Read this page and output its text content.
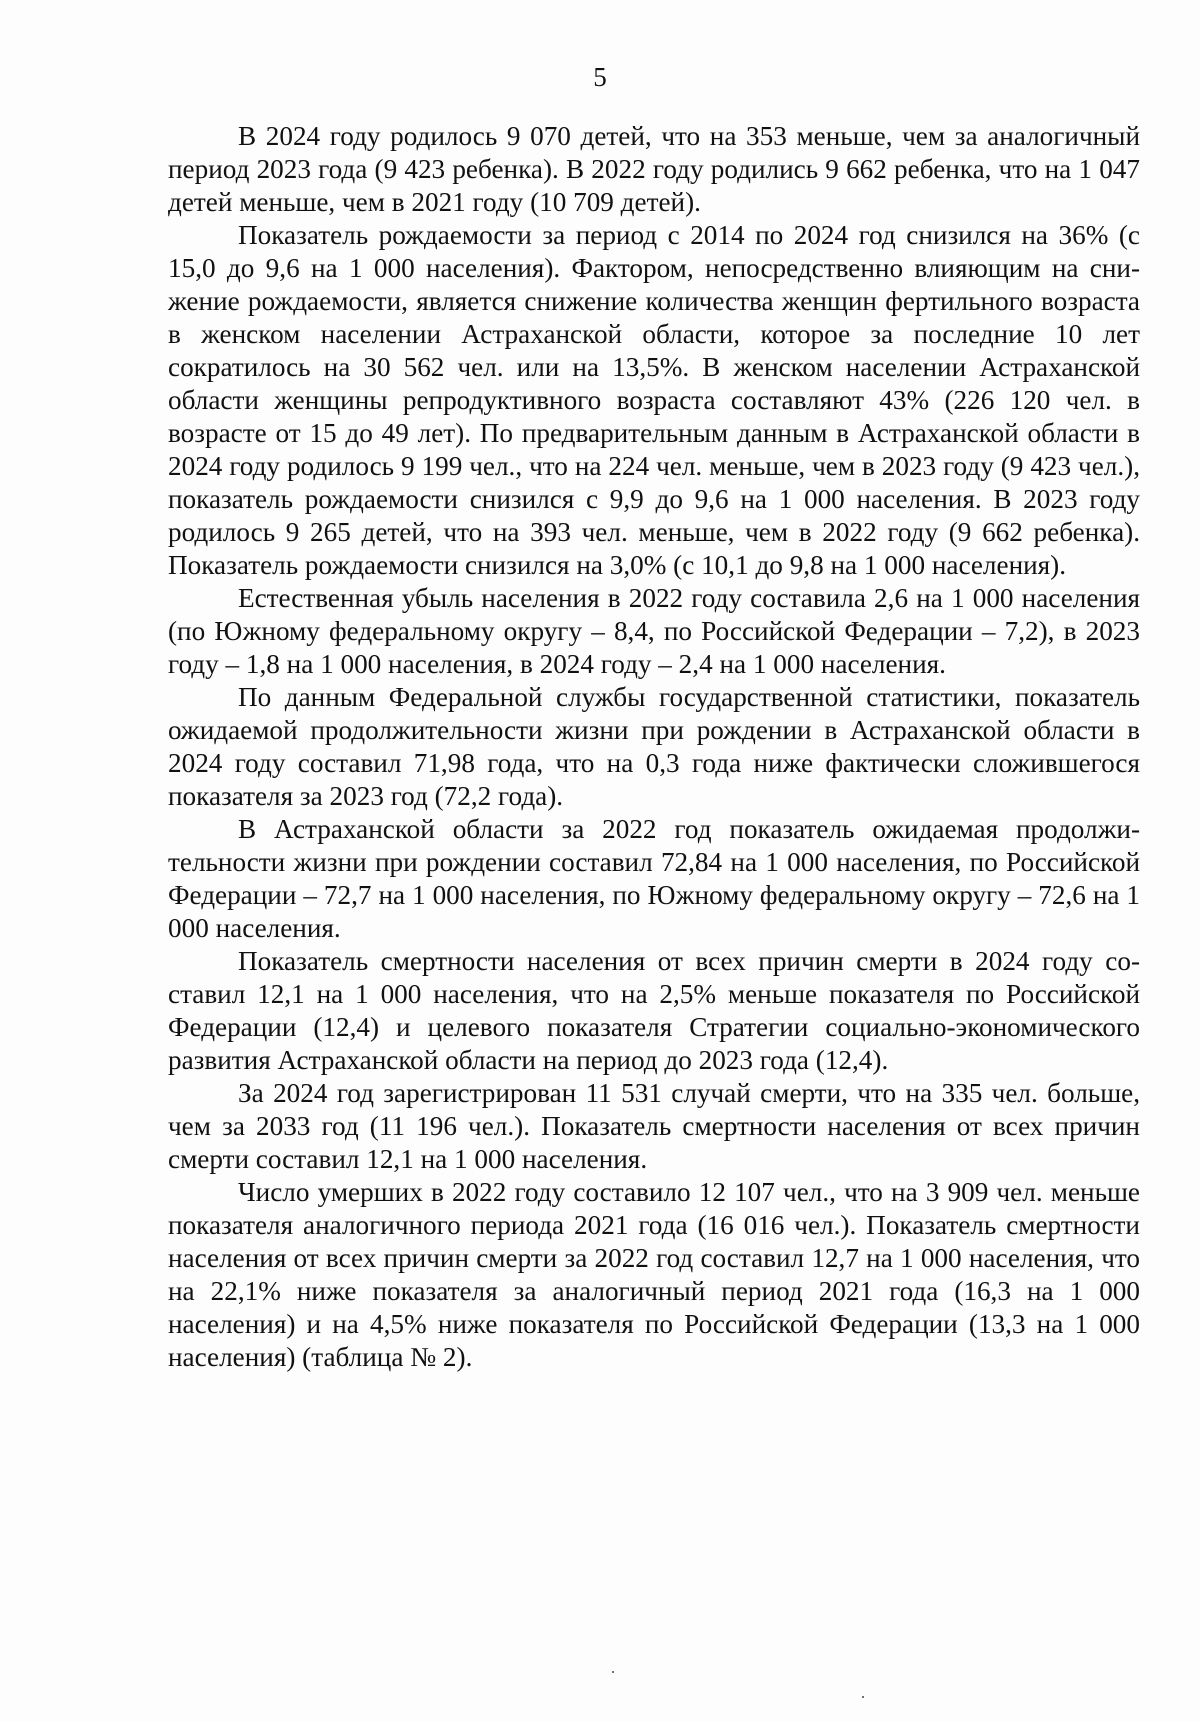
5

В 2024 году родилось 9 070 детей, что на 353 меньше, чем за аналогичный период 2023 года (9 423 ребенка). В 2022 году родились 9 662 ребенка, что на 1 047 детей меньше, чем в 2021 году (10 709 детей).

Показатель рождаемости за период с 2014 по 2024 год снизился на 36% (с 15,0 до 9,6 на 1 000 населения). Фактором, непосредственно влияющим на снижение рождаемости, является снижение количества женщин фертильного возраста в женском населении Астраханской области, которое за последние 10 лет сократилось на 30 562 чел. или на 13,5%. В женском населении Астраханской области женщины репродуктивного возраста составляют 43% (226 120 чел. в возрасте от 15 до 49 лет). По предварительным данным в Астраханской области в 2024 году родилось 9 199 чел., что на 224 чел. меньше, чем в 2023 году (9 423 чел.), показатель рождаемости снизился с 9,9 до 9,6 на 1 000 населения. В 2023 году родилось 9 265 детей, что на 393 чел. меньше, чем в 2022 году (9 662 ребенка). Показатель рождаемости снизился на 3,0% (с 10,1 до 9,8 на 1 000 населения).

Естественная убыль населения в 2022 году составила 2,6 на 1 000 населения (по Южному федеральному округу – 8,4, по Российской Федерации – 7,2), в 2023 году – 1,8 на 1 000 населения, в 2024 году – 2,4 на 1 000 населения.

По данным Федеральной службы государственной статистики, показатель ожидаемой продолжительности жизни при рождении в Астраханской области в 2024 году составил 71,98 года, что на 0,3 года ниже фактически сложившегося показателя за 2023 год (72,2 года).

В Астраханской области за 2022 год показатель ожидаемая продолжительности жизни при рождении составил 72,84 на 1 000 населения, по Российской Федерации – 72,7 на 1 000 населения, по Южному федеральному округу – 72,6 на 1 000 населения.

Показатель смертности населения от всех причин смерти в 2024 году составил 12,1 на 1 000 населения, что на 2,5% меньше показателя по Российской Федерации (12,4) и целевого показателя Стратегии социально-экономического развития Астраханской области на период до 2023 года (12,4).

За 2024 год зарегистрирован 11 531 случай смерти, что на 335 чел. больше, чем за 2033 год (11 196 чел.). Показатель смертности населения от всех причин смерти составил 12,1 на 1 000 населения.

Число умерших в 2022 году составило 12 107 чел., что на 3 909 чел. меньше показателя аналогичного периода 2021 года (16 016 чел.). Показатель смертности населения от всех причин смерти за 2022 год составил 12,7 на 1 000 населения, что на 22,1% ниже показателя за аналогичный период 2021 года (16,3 на 1 000 населения) и на 4,5% ниже показателя по Российской Федерации (13,3 на 1 000 населения) (таблица № 2).
